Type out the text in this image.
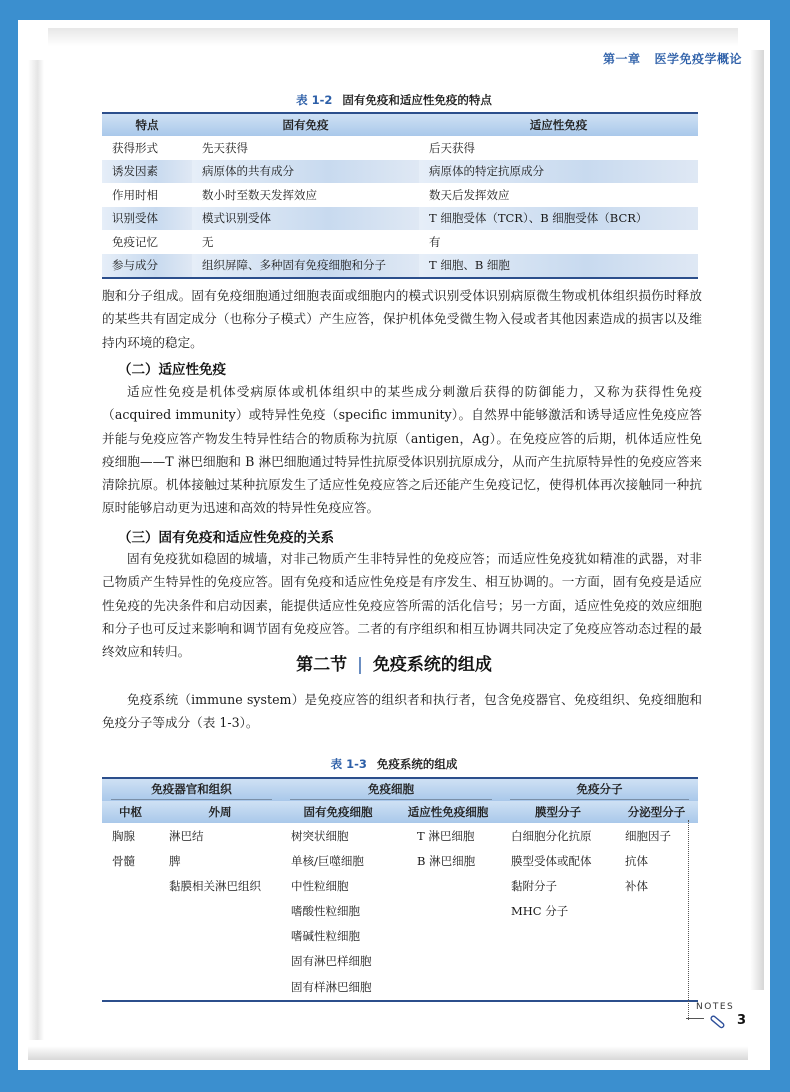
第一章 医学免疫学概论
表 1-2 固有免疫和适应性免疫的特点
特点	固有免疫	适应性免疫
获得形式	先天获得	后天获得
诱发因素	病原体的共有成分	病原体的特定抗原成分
作用时相	数小时至数天发挥效应	数天后发挥效应
识别受体	模式识别受体	T 细胞受体（TCR）、B 细胞受体（BCR）
免疫记忆	无	有
参与成分	组织屏障、多种固有免疫细胞和分子	T 细胞、B 细胞

胞和分子组成。固有免疫细胞通过细胞表面或细胞内的模式识别受体识别病原微生物或机体组织损伤时释放的某些共有固定成分（也称分子模式）产生应答，保护机体免受微生物入侵或者其他因素造成的损害以及维持内环境的稳定。

（二）适应性免疫

适应性免疫是机体受病原体或机体组织中的某些成分刺激后获得的防御能力，又称为获得性免疫（acquired immunity）或特异性免疫（specific immunity）。自然界中能够激活和诱导适应性免疫应答并能与免疫应答产物发生特异性结合的物质称为抗原（antigen，Ag）。在免疫应答的后期，机体适应性免疫细胞——T 淋巴细胞和 B 淋巴细胞通过特异性抗原受体识别抗原成分，从而产生抗原特异性的免疫应答来清除抗原。机体接触过某种抗原发生了适应性免疫应答之后还能产生免疫记忆，使得机体再次接触同一种抗原时能够启动更为迅速和高效的特异性免疫应答。

（三）固有免疫和适应性免疫的关系

固有免疫犹如稳固的城墙，对非己物质产生非特异性的免疫应答；而适应性免疫犹如精准的武器，对非己物质产生特异性的免疫应答。固有免疫和适应性免疫是有序发生、相互协调的。一方面，固有免疫是适应性免疫的先决条件和启动因素，能提供适应性免疫应答所需的活化信号；另一方面，适应性免疫的效应细胞和分子也可反过来影响和调节固有免疫应答。二者的有序组织和相互协调共同决定了免疫应答动态过程的最终效应和转归。

第二节 | 免疫系统的组成

免疫系统（immune system）是免疫应答的组织者和执行者，包含免疫器官、免疫组织、免疫细胞和免疫分子等成分（表 1-3）。

表 1-3 免疫系统的组成
免疫器官和组织		免疫细胞		免疫分子	

中枢	外周	固有免疫细胞	适应性免疫细胞	膜型分子	分泌型分子
胸腺	淋巴结	树突状细胞	T 淋巴细胞	白细胞分化抗原	细胞因子
骨髓	脾	单核/巨噬细胞	B 淋巴细胞	膜型受体或配体	抗体
	黏膜相关淋巴组织	中性粒细胞		黏附分子	补体
		嗜酸性粒细胞		MHC 分子	
		嗜碱性粒细胞			
		固有淋巴样细胞			
		固有样淋巴细胞			
NOTES
3
